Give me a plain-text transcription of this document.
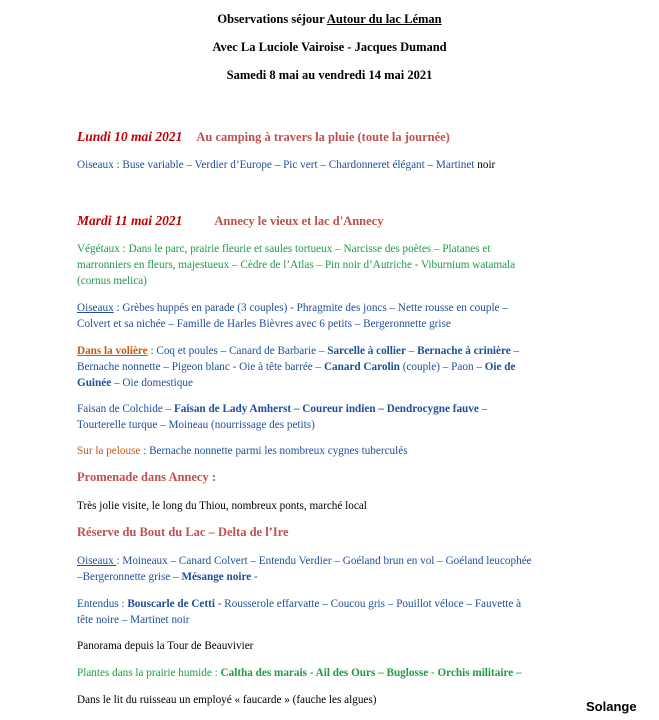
Observations séjour Autour du lac Léman
Avec La Luciole Vairoise - Jacques Dumand
Samedi 8 mai au vendredi 14 mai 2021
Lundi 10 mai 2021 Au camping à travers la pluie (toute la journée)
Oiseaux : Buse variable – Verdier d’Europe – Pic vert – Chardonneret élégant – Martinet noir
Mardi 11 mai 2021	Annecy le vieux et lac d'Annecy
Végétaux : Dans le parc, prairie fleurie et saules tortueux – Narcisse des poètes – Platanes et
marronniers en fleurs, majestueux – Cèdre de l’Atlas – Pin noir d’Autriche - Viburnium watamala
(cornus melica)
Oiseaux : Grèbes huppés en parade (3 couples) - Phragmite des joncs – Nette rousse en couple –
Colvert et sa nichée – Famille de Harles Bièvres avec 6 petits – Bergeronnette grise
Dans la volière : Coq et poules – Canard de Barbarie – Sarcelle à collier – Bernache à crinière –
Bernache nonnette – Pigeon blanc - Oie à tête barrée – Canard Carolin (couple) – Paon – Oie de
Guinée – Oie domestique
Faisan de Colchide – Faisan de Lady Amherst – Coureur indien – Dendrocygne fauve –
Tourterelle turque – Moineau (nourrissage des petits)
Sur la pelouse : Bernache nonnette parmi les nombreux cygnes tuberculés
Promenade dans Annecy :
Très jolie visite, le long du Thiou, nombreux ponts, marché local
Réserve du Bout du Lac – Delta de l’Ire
Oiseaux : Moineaux – Canard Colvert – Entendu Verdier – Goéland brun en vol – Goéland leucophée
–Bergeronnette grise – Mésange noire -
Entendus : Bouscarle de Cetti - Rousserole effarvatte – Coucou gris – Pouillot véloce – Fauvette à
tête noire – Martinet noir
Panorama depuis la Tour de Beauvivier
Plantes dans la prairie humide : Caltha des marais - Ail des Ours – Buglosse - Orchis militaire –
Dans le lit du ruisseau un employé « faucarde » (fauche les algues)	Solange
